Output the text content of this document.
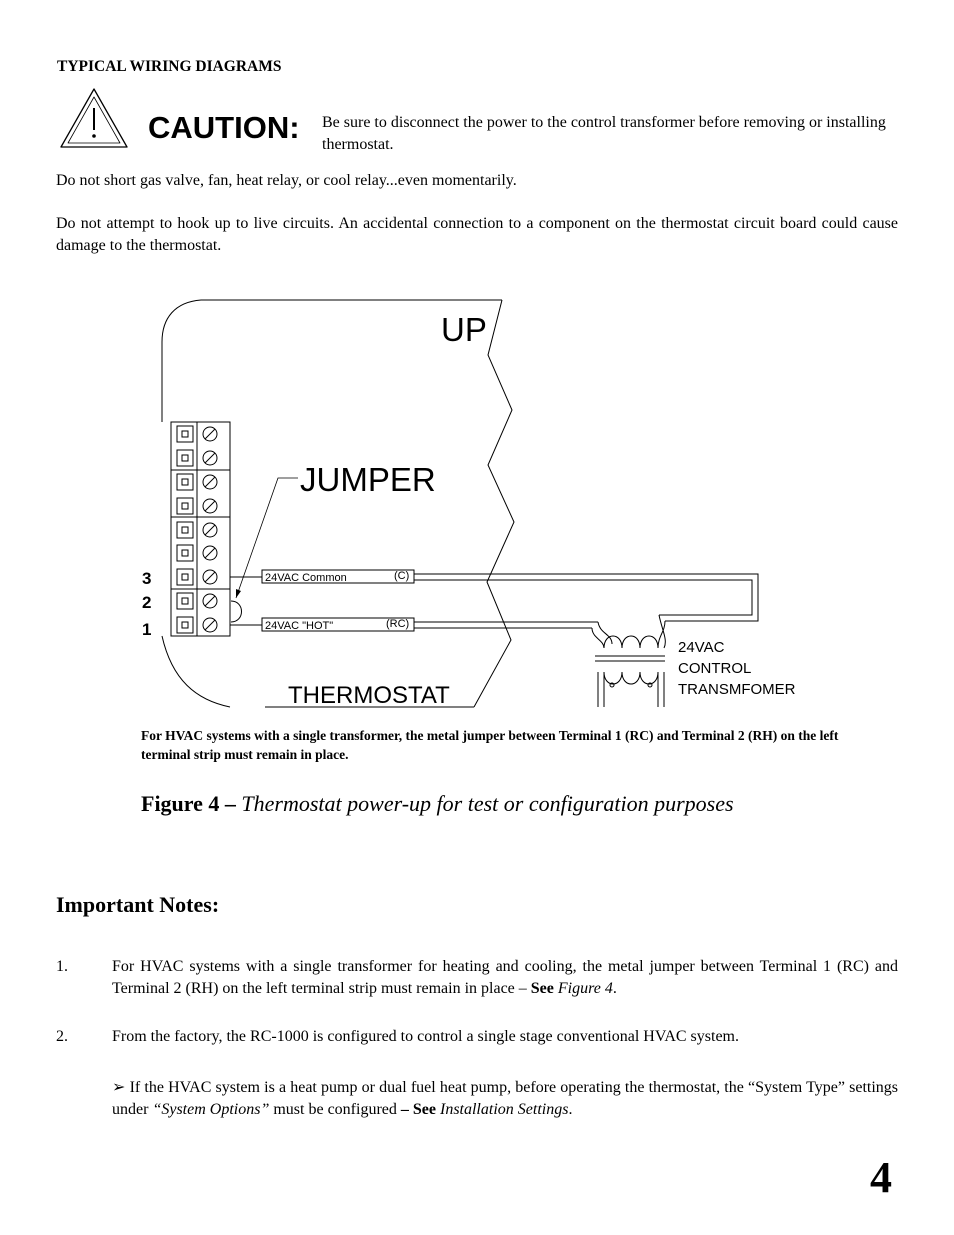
TYPICAL WIRING DIAGRAMS
CAUTION: Be sure to disconnect the power to the control transformer before removing or installing thermostat.
Do not short gas valve, fan, heat relay, or cool relay...even momentarily.
Do not attempt to hook up to live circuits. An accidental connection to a component on the thermostat circuit board could cause damage to the thermostat.
UP
JUMPER
THERMOSTAT
3
2
1
24VAC Common	(C)
24VAC "HOT"	(RC)
24VAC
CONTROL
TRANSMFOMER
For HVAC systems with a single transformer, the metal jumper between Terminal 1 (RC) and Terminal 2 (RH) on the left terminal strip must remain in place.
Figure 4 – Thermostat power-up for test or configuration purposes
Important Notes:
1.	For HVAC systems with a single transformer for heating and cooling, the metal jumper between Terminal 1 (RC) and Terminal 2 (RH) on the left terminal strip must remain in place – See Figure 4.
2.	From the factory, the RC-1000 is configured to control a single stage conventional HVAC system.
➢ If the HVAC system is a heat pump or dual fuel heat pump, before operating the thermostat, the “System Type” settings under “System Options” must be configured – See Installation Settings.
4
